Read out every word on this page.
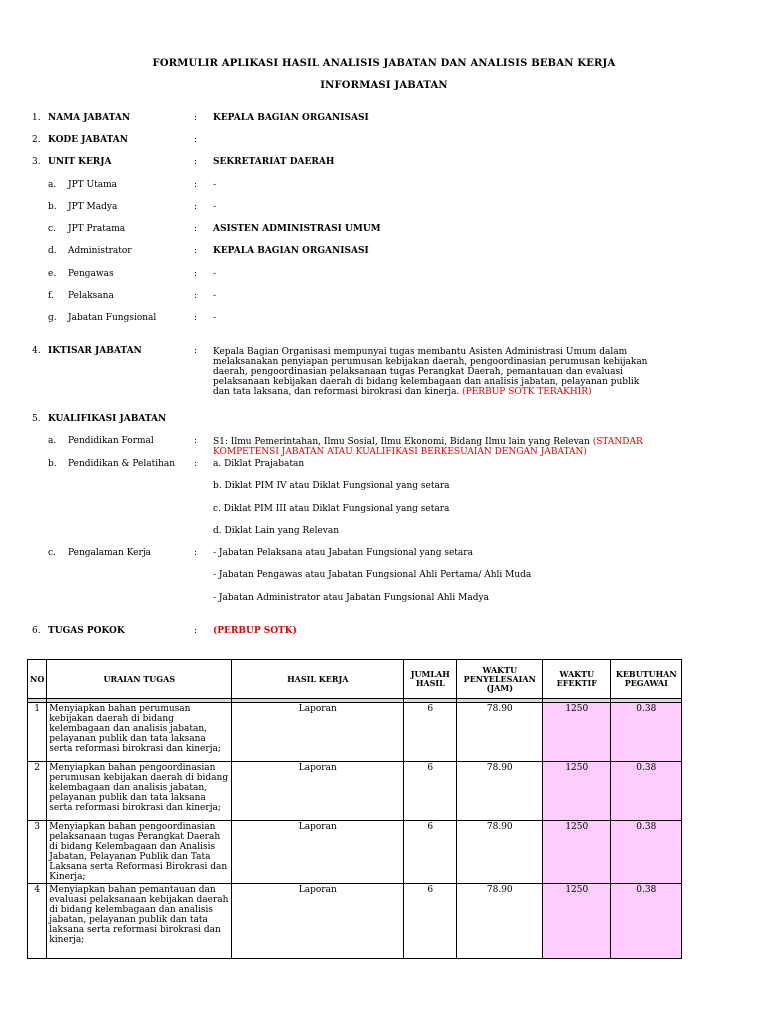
FORMULIR APLIKASI HASIL ANALISIS JABATAN DAN ANALISIS BEBAN KERJA
INFORMASI JABATAN
1. NAMA JABATAN	: KEPALA BAGIAN ORGANISASI
2. KODE JABATAN	:
3. UNIT KERJA	: SEKRETARIAT DAERAH
a. JPT Utama	: -
b. JPT Madya	: -
c. JPT Pratama	: ASISTEN ADMINISTRASI UMUM
d. Administrator	: KEPALA BAGIAN ORGANISASI
e. Pengawas	: -
f. Pelaksana	: -
g. Jabatan Fungsional	: -
4. IKTISAR JABATAN	: Kepala Bagian Organisasi mempunyai tugas membantu Asisten Administrasi Umum dalam melaksanakan penyiapan perumusan kebijakan daerah, pengoordinasian perumusan kebijakan daerah, pengoordinasian pelaksanaan tugas Perangkat Daerah, pemantauan dan evaluasi pelaksanaan kebijakan daerah di bidang kelembagaan dan analisis jabatan, pelayanan publik dan tata laksana, dan reformasi birokrasi dan kinerja. (PERBUP SOTK TERAKHIR)
5. KUALIFIKASI JABATAN
a. Pendidikan Formal	: S1: Ilmu Pemerintahan, Ilmu Sosial, Ilmu Ekonomi, Bidang Ilmu lain yang Relevan (STANDAR KOMPETENSI JABATAN ATAU KUALIFIKASI BERKESUAIAN DENGAN JABATAN)
b. Pendidikan & Pelatihan : a. Diklat Prajabatan
b. Diklat PIM IV atau Diklat Fungsional yang setara
c. Diklat PIM III atau Diklat Fungsional yang setara
d. Diklat Lain yang Relevan
c. Pengalaman Kerja	: - Jabatan Pelaksana atau Jabatan Fungsional yang setara
- Jabatan Pengawas atau Jabatan Fungsional Ahli Pertama/ Ahli Muda
- Jabatan Administrator atau Jabatan Fungsional Ahli Madya
6. TUGAS POKOK	: (PERBUP SOTK)
NO	URAIAN TUGAS	HASIL KERJA	JUMLAH HASIL	WAKTU PENYELESAIAN (JAM)	WAKTU EFEKTIF	KEBUTUHAN PEGAWAI

1	Menyiapkan bahan perumusan kebijakan daerah di bidang kelembagaan dan analisis jabatan, pelayanan publik dan tata laksana serta reformasi birokrasi dan kinerja;	Laporan	6	78.90	1250	0.38
2	Menyiapkan bahan pengoordinasian perumusan kebijakan daerah di bidang kelembagaan dan analisis jabatan, pelayanan publik dan tata laksana serta reformasi birokrasi dan kinerja;	Laporan	6	78.90	1250	0.38
3	Menyiapkan bahan pengoordinasian pelaksanaan tugas Perangkat Daerah di bidang Kelembagaan dan Analisis Jabatan, Pelayanan Publik dan Tata Laksana serta Reformasi Birokrasi dan Kinerja;	Laporan	6	78.90	1250	0.38
4	Menyiapkan bahan pemantauan dan evaluasi pelaksanaan kebijakan daerah di bidang kelembagaan dan analisis jabatan, pelayanan publik dan tata laksana serta reformasi birokrasi dan kinerja;	Laporan	6	78.90	1250	0.38
